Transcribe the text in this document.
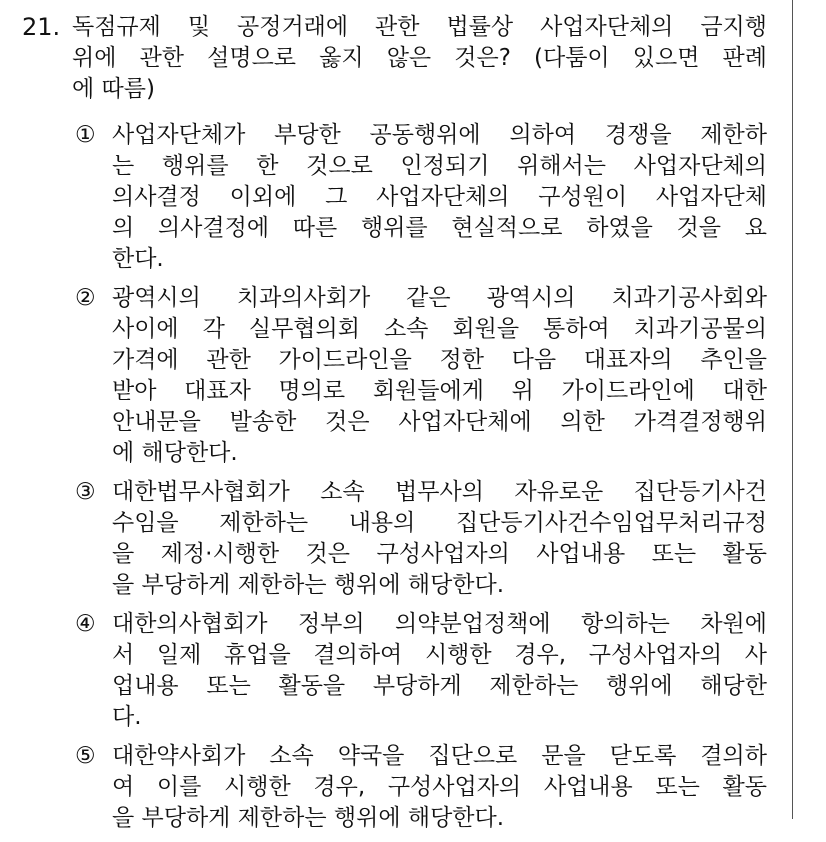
21. 독점규제 및 공정거래에 관한 법률상 사업자단체의 금지행
위에 관한 설명으로 옳지 않은 것은? (다툼이 있으면 판례
에 따름)
① 사업자단체가 부당한 공동행위에 의하여 경쟁을 제한하
는 행위를 한 것으로 인정되기 위해서는 사업자단체의
의사결정 이외에 그 사업자단체의 구성원이 사업자단체
의 의사결정에 따른 행위를 현실적으로 하였을 것을 요
한다.
② 광역시의 치과의사회가 같은 광역시의 치과기공사회와
사이에 각 실무협의회 소속 회원을 통하여 치과기공물의
가격에 관한 가이드라인을 정한 다음 대표자의 추인을
받아 대표자 명의로 회원들에게 위 가이드라인에 대한
안내문을 발송한 것은 사업자단체에 의한 가격결정행위
에 해당한다.
③ 대한법무사협회가 소속 법무사의 자유로운 집단등기사건
수임을 제한하는 내용의 집단등기사건수임업무처리규정
을 제정·시행한 것은 구성사업자의 사업내용 또는 활동
을 부당하게 제한하는 행위에 해당한다.
④ 대한의사협회가 정부의 의약분업정책에 항의하는 차원에
서 일제 휴업을 결의하여 시행한 경우, 구성사업자의 사
업내용 또는 활동을 부당하게 제한하는 행위에 해당한
다.
⑤ 대한약사회가 소속 약국을 집단으로 문을 닫도록 결의하
여 이를 시행한 경우, 구성사업자의 사업내용 또는 활동
을 부당하게 제한하는 행위에 해당한다.
